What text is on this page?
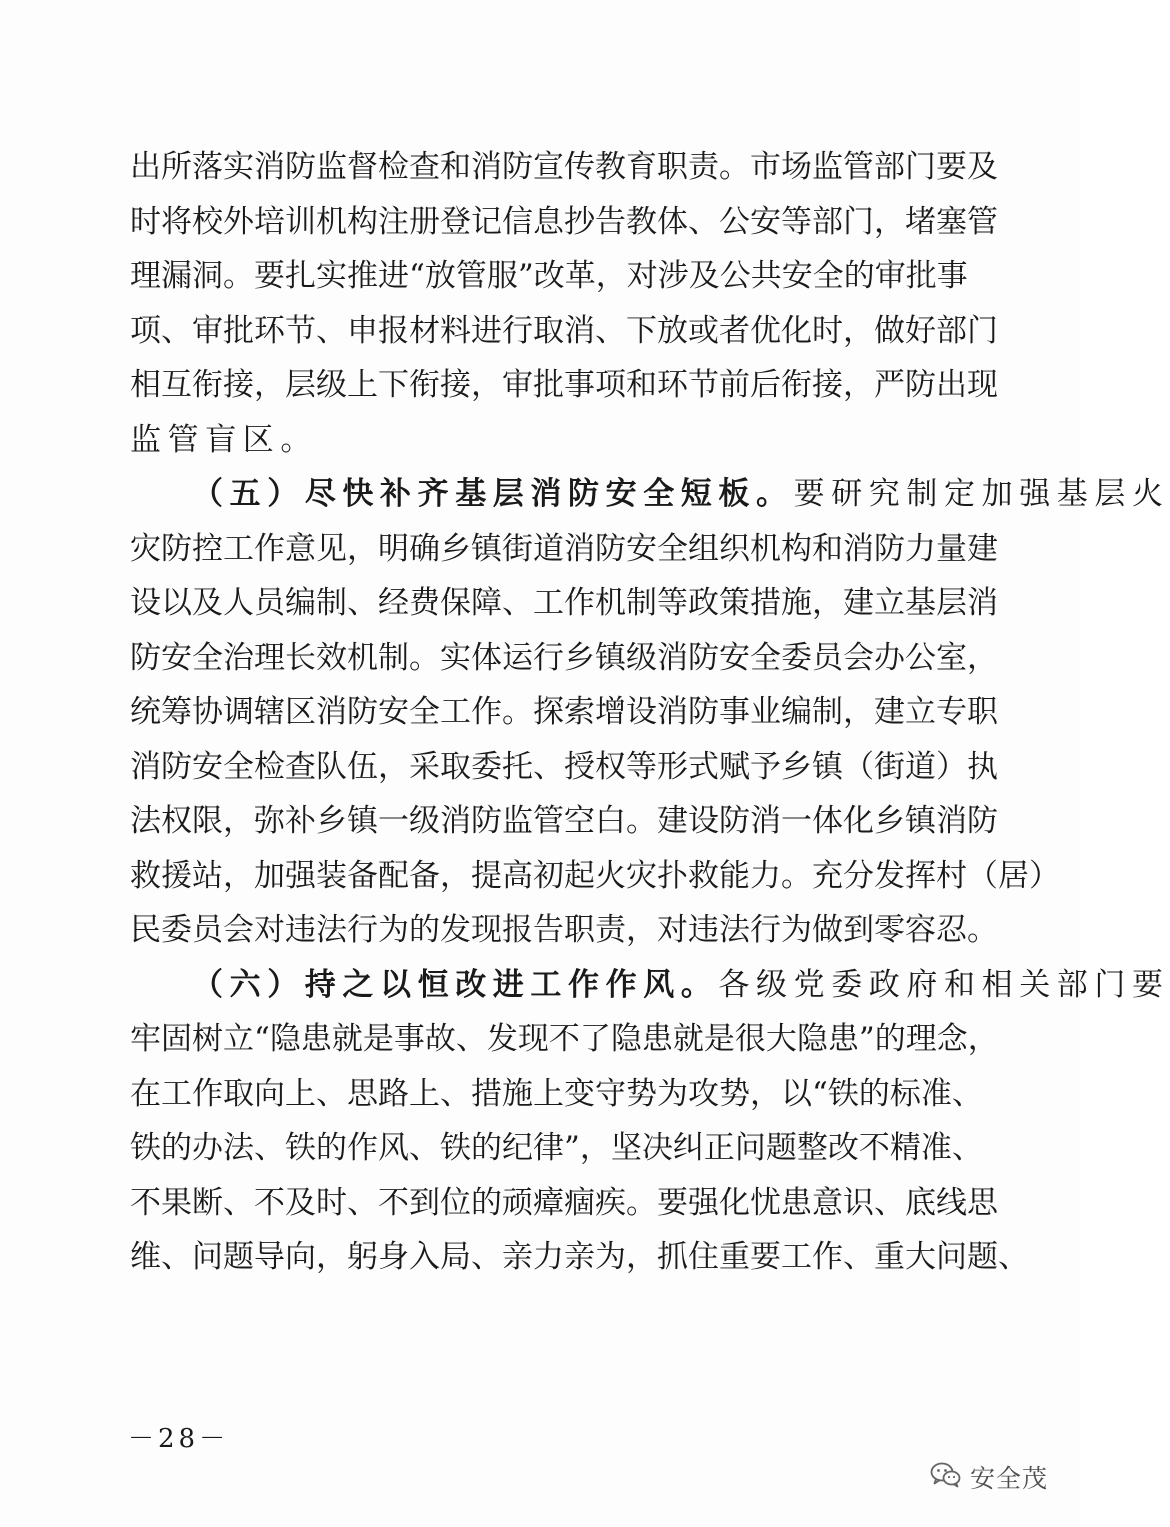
出所落实消防监督检查和消防宣传教育职责。市场监管部门要及
时将校外培训机构注册登记信息抄告教体、公安等部门，堵塞管
理漏洞。要扎实推进“放管服”改革，对涉及公共安全的审批事
项、审批环节、申报材料进行取消、下放或者优化时，做好部门
相互衔接，层级上下衔接，审批事项和环节前后衔接，严防出现
监管盲区。
（五）尽快补齐基层消防安全短板。要研究制定加强基层火
灾防控工作意见，明确乡镇街道消防安全组织机构和消防力量建
设以及人员编制、经费保障、工作机制等政策措施，建立基层消
防安全治理长效机制。实体运行乡镇级消防安全委员会办公室，
统筹协调辖区消防安全工作。探索增设消防事业编制，建立专职
消防安全检查队伍，采取委托、授权等形式赋予乡镇（街道）执
法权限，弥补乡镇一级消防监管空白。建设防消一体化乡镇消防
救援站，加强装备配备，提高初起火灾扑救能力。充分发挥村（居）
民委员会对违法行为的发现报告职责，对违法行为做到零容忍。
（六）持之以恒改进工作作风。各级党委政府和相关部门要
牢固树立“隐患就是事故、发现不了隐患就是很大隐患”的理念，
在工作取向上、思路上、措施上变守势为攻势，以“铁的标准、
铁的办法、铁的作风、铁的纪律”，坚决纠正问题整改不精准、
不果断、不及时、不到位的顽瘴痼疾。要强化忧患意识、底线思
维、问题导向，躬身入局、亲力亲为，抓住重要工作、重大问题、
－28－
安全茂
